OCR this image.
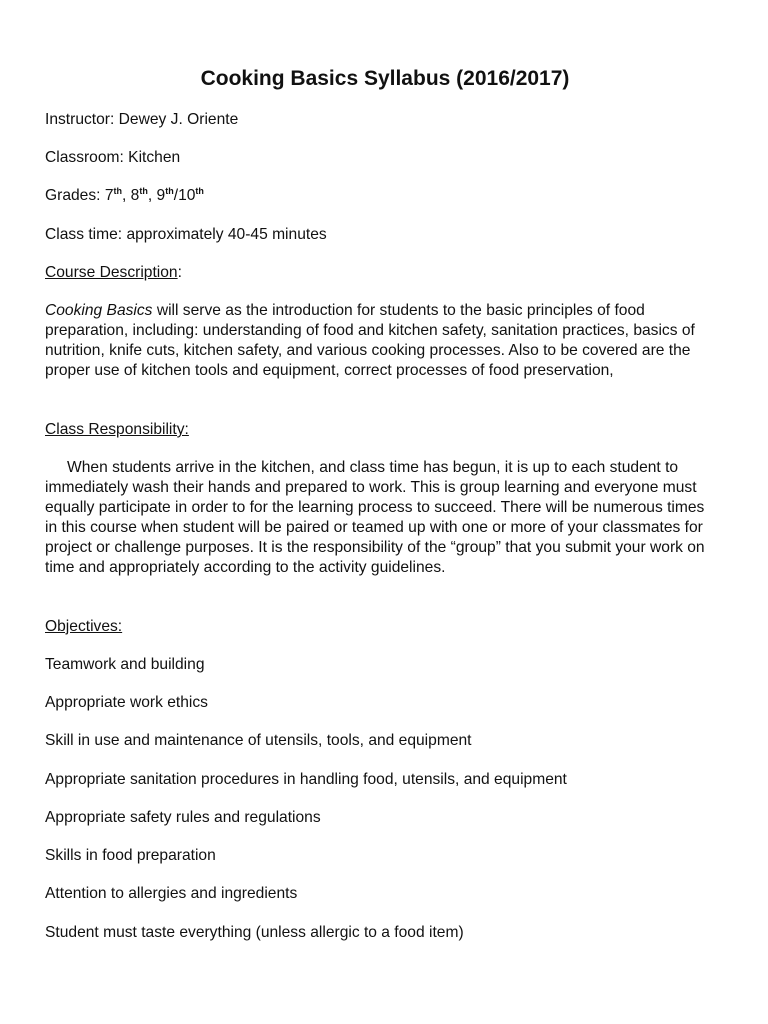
Cooking Basics Syllabus (2016/2017)
Instructor: Dewey J. Oriente
Classroom: Kitchen
Grades: 7th, 8th, 9th/10th
Class time: approximately 40-45 minutes
Course Description:
Cooking Basics will serve as the introduction for students to the basic principles of food preparation, including: understanding of food and kitchen safety, sanitation practices, basics of nutrition, knife cuts, kitchen safety, and various cooking processes. Also to be covered are the proper use of kitchen tools and equipment, correct processes of food preservation,
Class Responsibility:
When students arrive in the kitchen, and class time has begun, it is up to each student to immediately wash their hands and prepared to work. This is group learning and everyone must equally participate in order to for the learning process to succeed. There will be numerous times in this course when student will be paired or teamed up with one or more of your classmates for project or challenge purposes. It is the responsibility of the “group” that you submit your work on time and appropriately according to the activity guidelines.
Objectives:
Teamwork and building
Appropriate work ethics
Skill in use and maintenance of utensils, tools, and equipment
Appropriate sanitation procedures in handling food, utensils, and equipment
Appropriate safety rules and regulations
Skills in food preparation
Attention to allergies and ingredients
Student must taste everything (unless allergic to a food item)
